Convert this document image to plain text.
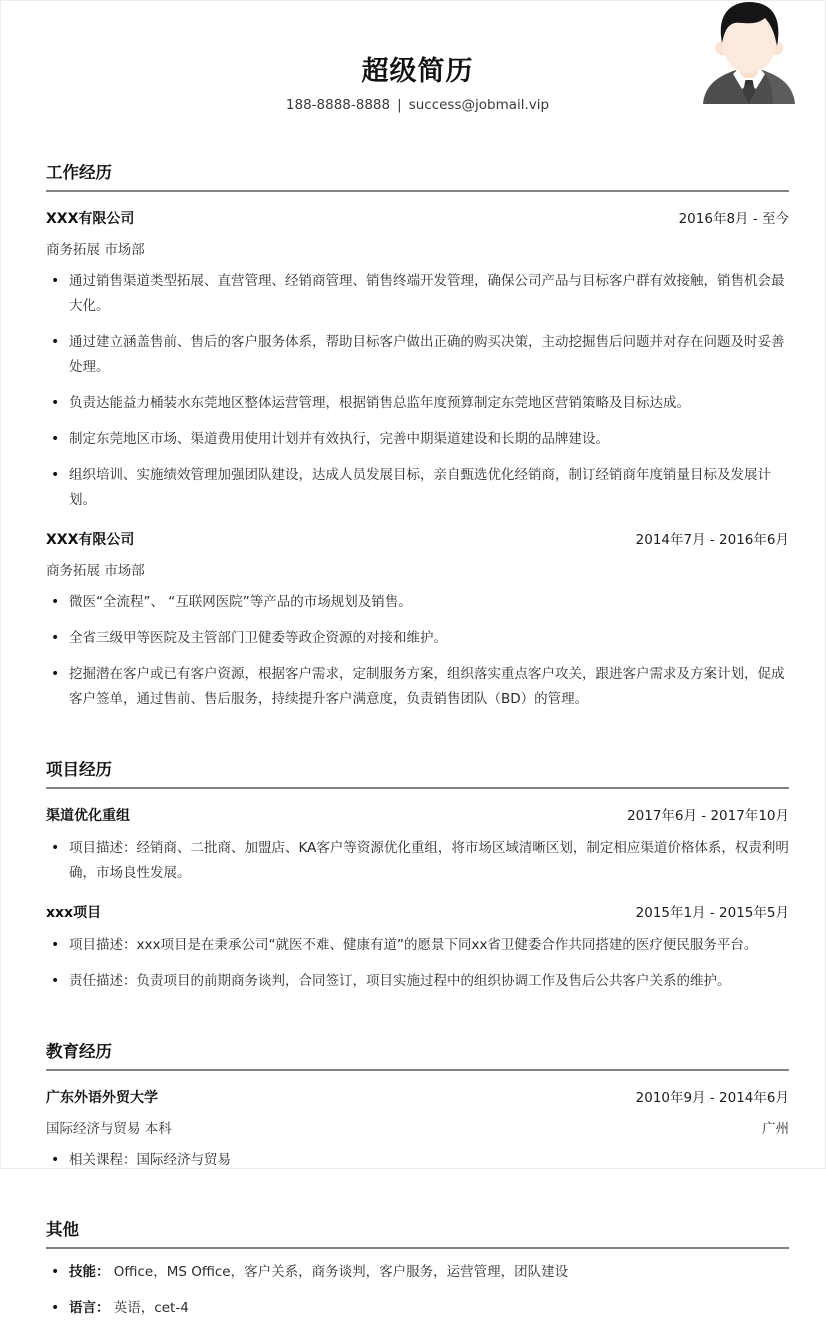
超级简历

188-8888-8888 | success@jobmail.vip

工作经历
XXX有限公司	2016年8月 - 至今
商务拓展 市场部
• 通过销售渠道类型拓展、直营管理、经销商管理、销售终端开发管理，确保公司产品与目标客户群有效接触，销售机会最大化。
• 通过建立涵盖售前、售后的客户服务体系，帮助目标客户做出正确的购买决策，主动挖掘售后问题并对存在问题及时妥善处理。
• 负责达能益力桶装水东莞地区整体运营管理，根据销售总监年度预算制定东莞地区营销策略及目标达成。
• 制定东莞地区市场、渠道费用使用计划并有效执行，完善中期渠道建设和长期的品牌建设。
• 组织培训、实施绩效管理加强团队建设，达成人员发展目标，亲自甄选优化经销商，制订经销商年度销量目标及发展计划。
XXX有限公司	2014年7月 - 2016年6月
商务拓展 市场部
• 微医“全流程”、 “互联网医院”等产品的市场规划及销售。
• 全省三级甲等医院及主管部门卫健委等政企资源的对接和维护。
• 挖掘潜在客户或已有客户资源，根据客户需求，定制服务方案，组织落实重点客户攻关，跟进客户需求及方案计划，促成客户签单，通过售前、售后服务，持续提升客户满意度，负责销售团队（BD）的管理。
项目经历
渠道优化重组	2017年6月 - 2017年10月
• 项目描述：经销商、二批商、加盟店、KA客户等资源优化重组，将市场区域清晰区划，制定相应渠道价格体系，权责利明确，市场良性发展。
xxx项目	2015年1月 - 2015年5月
• 项目描述：xxx项目是在秉承公司“就医不难、健康有道”的愿景下同xx省卫健委合作共同搭建的医疗便民服务平台。
• 责任描述：负责项目的前期商务谈判，合同签订，项目实施过程中的组织协调工作及售后公共客户关系的维护。
教育经历
广东外语外贸大学	2010年9月 - 2014年6月
国际经济与贸易 本科	广州
• 相关课程：国际经济与贸易
其他
• 技能： Office，MS Office，客户关系，商务谈判，客户服务，运营管理，团队建设
• 语言： 英语，cet-4
